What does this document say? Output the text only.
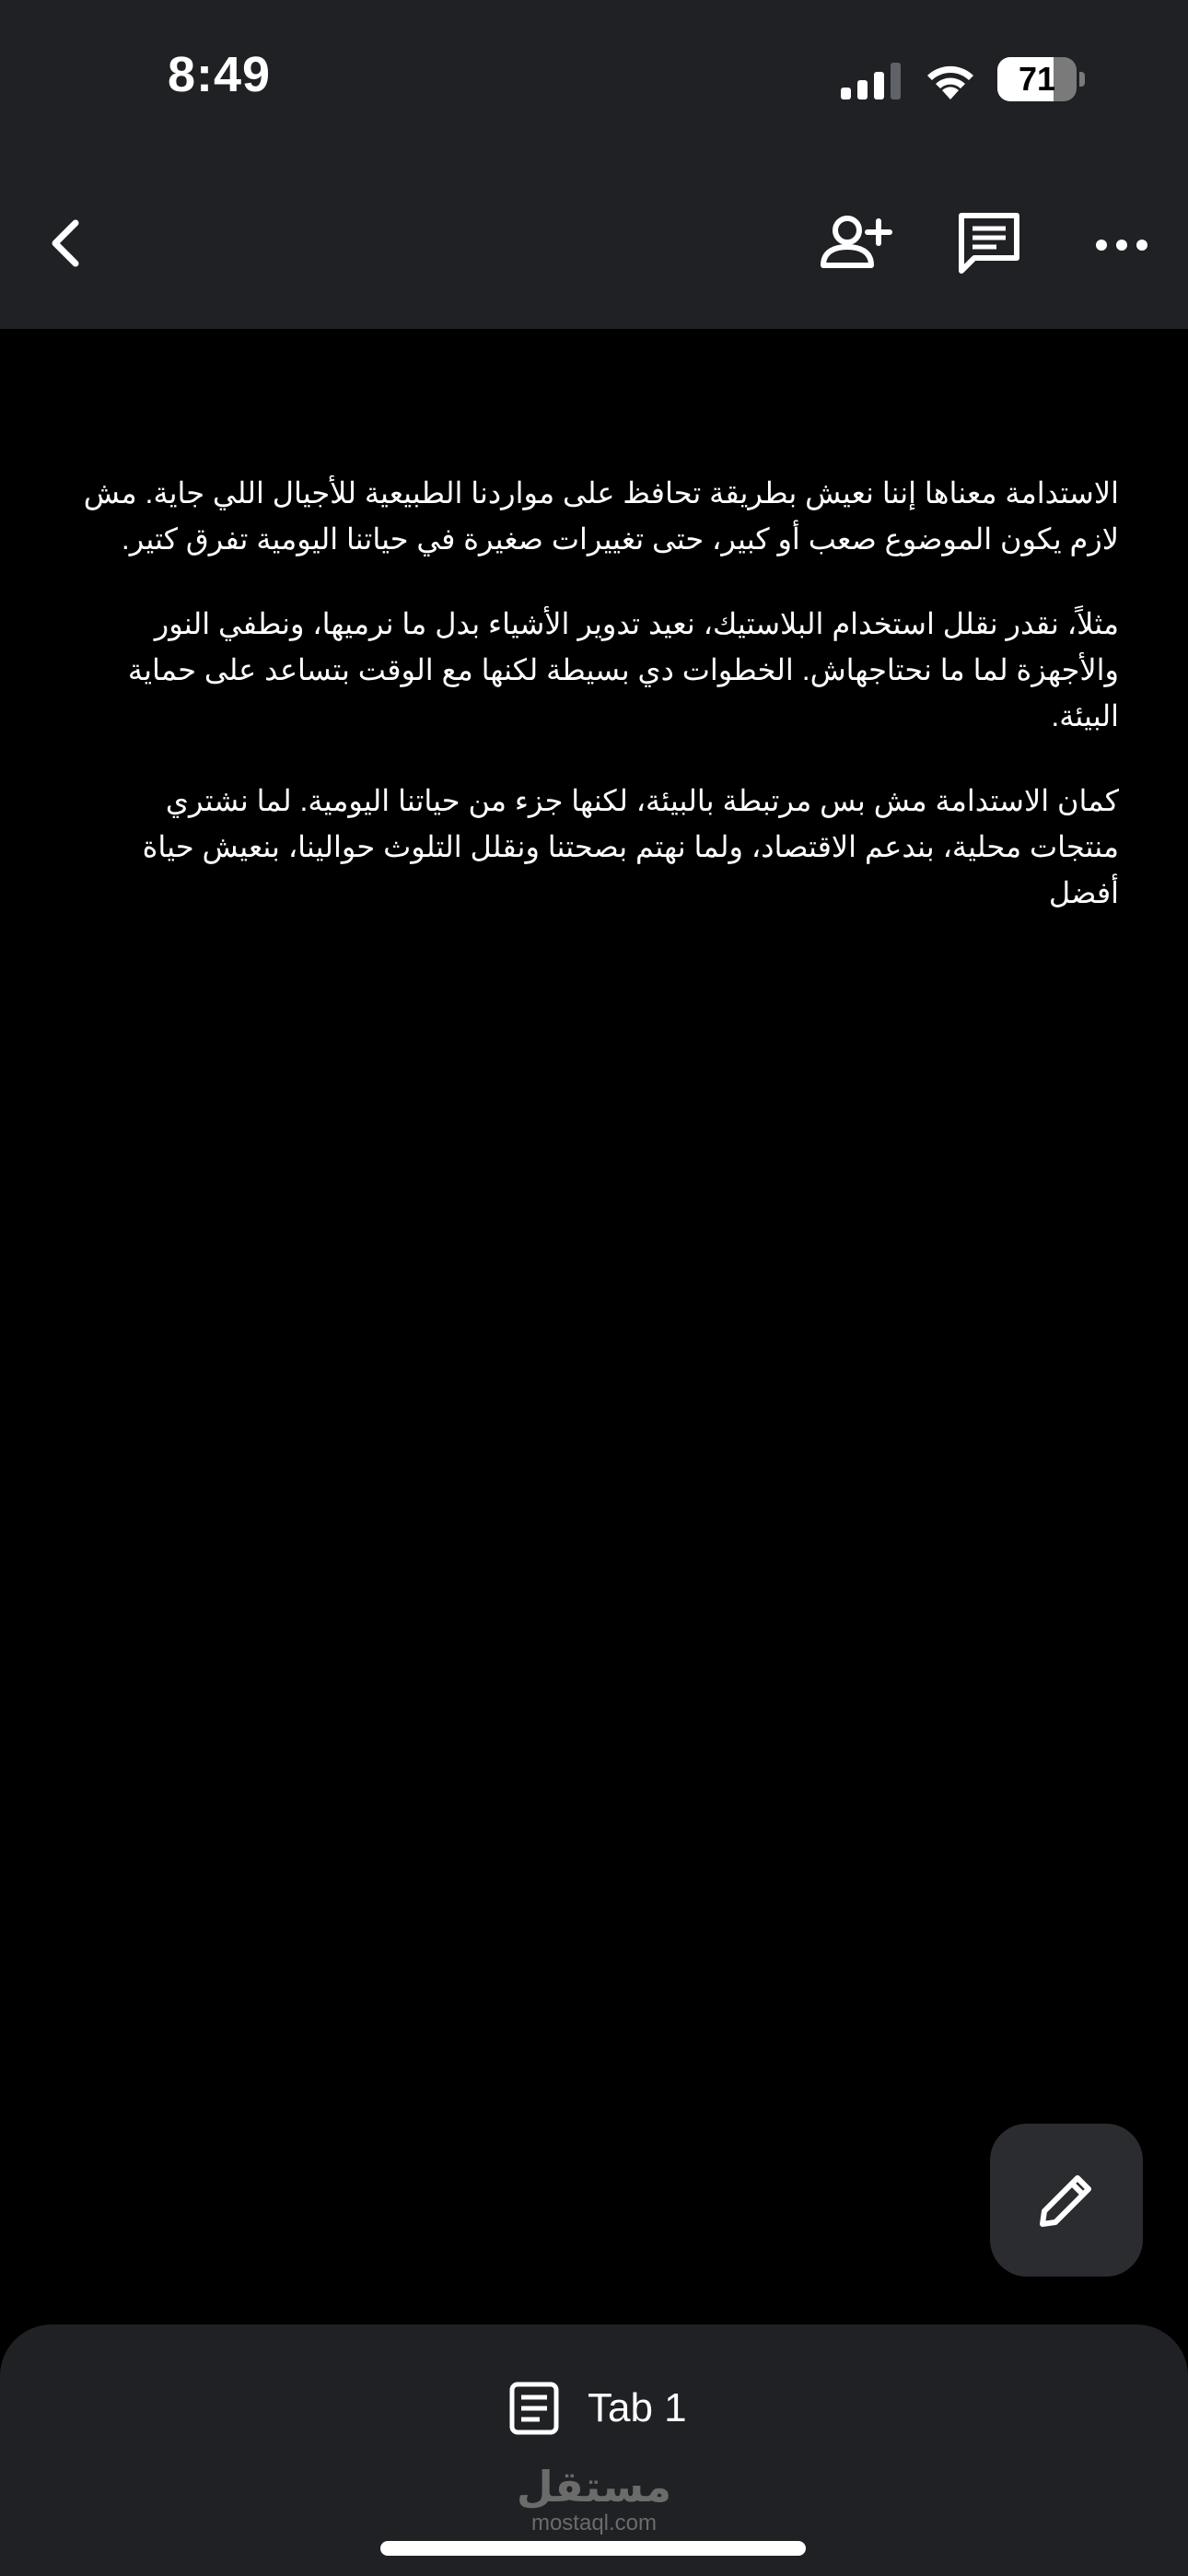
8:49	71

الاستدامة معناها إننا نعيش بطريقة تحافظ على مواردنا الطبيعية للأجيال اللي جاية. مش لازم يكون الموضوع صعب أو كبير، حتى تغييرات صغيرة في حياتنا اليومية تفرق كتير.

مثلاً، نقدر نقلل استخدام البلاستيك، نعيد تدوير الأشياء بدل ما نرميها، ونطفي النور والأجهزة لما ما نحتاجهاش. الخطوات دي بسيطة لكنها مع الوقت بتساعد على حماية البيئة.

كمان الاستدامة مش بس مرتبطة بالبيئة، لكنها جزء من حياتنا اليومية. لما نشتري منتجات محلية، بندعم الاقتصاد، ولما نهتم بصحتنا ونقلل التلوث حوالينا، بنعيش حياة أفضل

Tab 1
مستقل
mostaql.com
